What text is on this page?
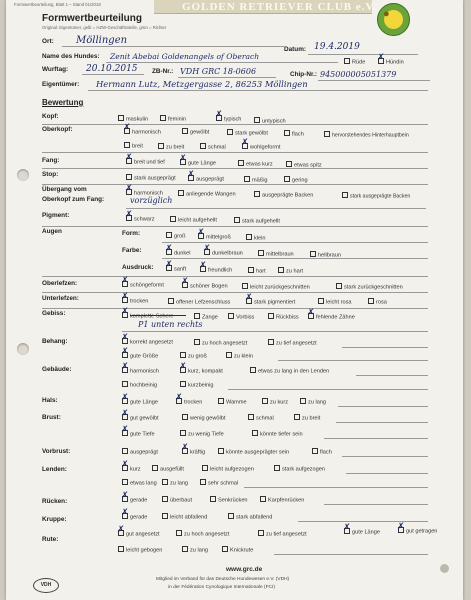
Formwertbeurteilung, Blatt 1 – Stand 01/2018	GOLDEN RETRIEVER CLUB e.V.
●
Formwertbeurteilung
Original: Eigentümer, gelb = HZW-Geschäftsstelle, grün = Richter
Ort: Möllingen
Datum: 19.4.2019
Name des Hundes: Zenit Abebai Goldenangels of Oberach
Rüde ✗	Hündin
Wurftag: 20.10.2015 ZB-Nr.: VDH GRC 18-0606	Chip-Nr.: 945000005051379
Eigentümer: Hermann Lutz, Metzgergasse 2, 86253 Möllingen
Bewertung
Kopf:	maskulin	feminin ✗	typisch	untypisch
Oberkopf: ✗	harmonisch	gewölbt	stark gewölbt	flach	hervorstehendes Hinterhauptbein
breit	zu breit	schmal ✗	wohlgeformt
Fang: ✗	breit und tief ✗	gute Länge	etwas kurz	etwas spitz
Stop:
stark ausgeprägt ✗	ausgeprägt	mäßig	gering
Übergang vom
Oberkopf zum Fang:
✗harmonisch	anliegende Wangen	ausgeprägte Backen	stark ausgeprägte Backen
vorzüglich
Pigment:
✗schwarz	leicht aufgehellt	stark aufgehellt
Augen	Form:	groß ✗	mittelgroß	klein
Farbe: ✗	dunkel ✗	dunkelbraun	mittelbraun	hellbraun
Ausdruck: ✗	sanft ✗	freundlich	hart	zu hart
Oberlefzen: ✗	schöngeformt ✗	schöner Bogen	leicht zurückgeschnitten	stark zurückgeschnitten
Unterlefzen: ✗	trocken	offener Lefzenschluss ✗	stark pigmentiert	leicht rosa	rosa
Gebiss: ✗	komplette Schere	Zange	Vorbiss	Rückbiss ✗	fehlende Zähne
P1 unten rechts
Behang: ✗	korrekt angesetzt	zu hoch angesetzt	zu tief angesetzt
✗gute Größe	zu groß	zu klein
Gebäude: ✗	harmonisch ✗	kurz, kompakt	etwas zu lang in den Lenden
hochbeinig	kurzbeinig
Hals: ✗	gute Länge ✗	trocken	Wamme	zu kurz	zu lang
Brust: ✗	gut gewölbt	wenig gewölbt	schmal	zu breit
✗gute Tiefe	zu wenig Tiefe	könnte tiefer sein
Vorbrust:	ausgeprägt ✗	kräftig	könnte ausgeprägter sein	flach
Lenden: ✗	kurz	ausgefüllt	leicht aufgezogen	stark aufgezogen
etwas lang	zu lang	sehr schmal
Rücken: ✗	gerade	überbaut	Senkrücken	Karpfenrücken
Kruppe: ✗	gerade	leicht abfallend	stark abfallend
Rute:
✗gut angesetzt	zu hoch angesetzt	zu tief angesetzt ✗	gute Länge ✗	gut getragen
leicht gebogen	zu lang	Knickrute
www.grc.de
Mitglied im Verband für das Deutsche Hundewesen e.V. (VDH)
in der Fédération Cynologique Internationale (FCI)
VDH
